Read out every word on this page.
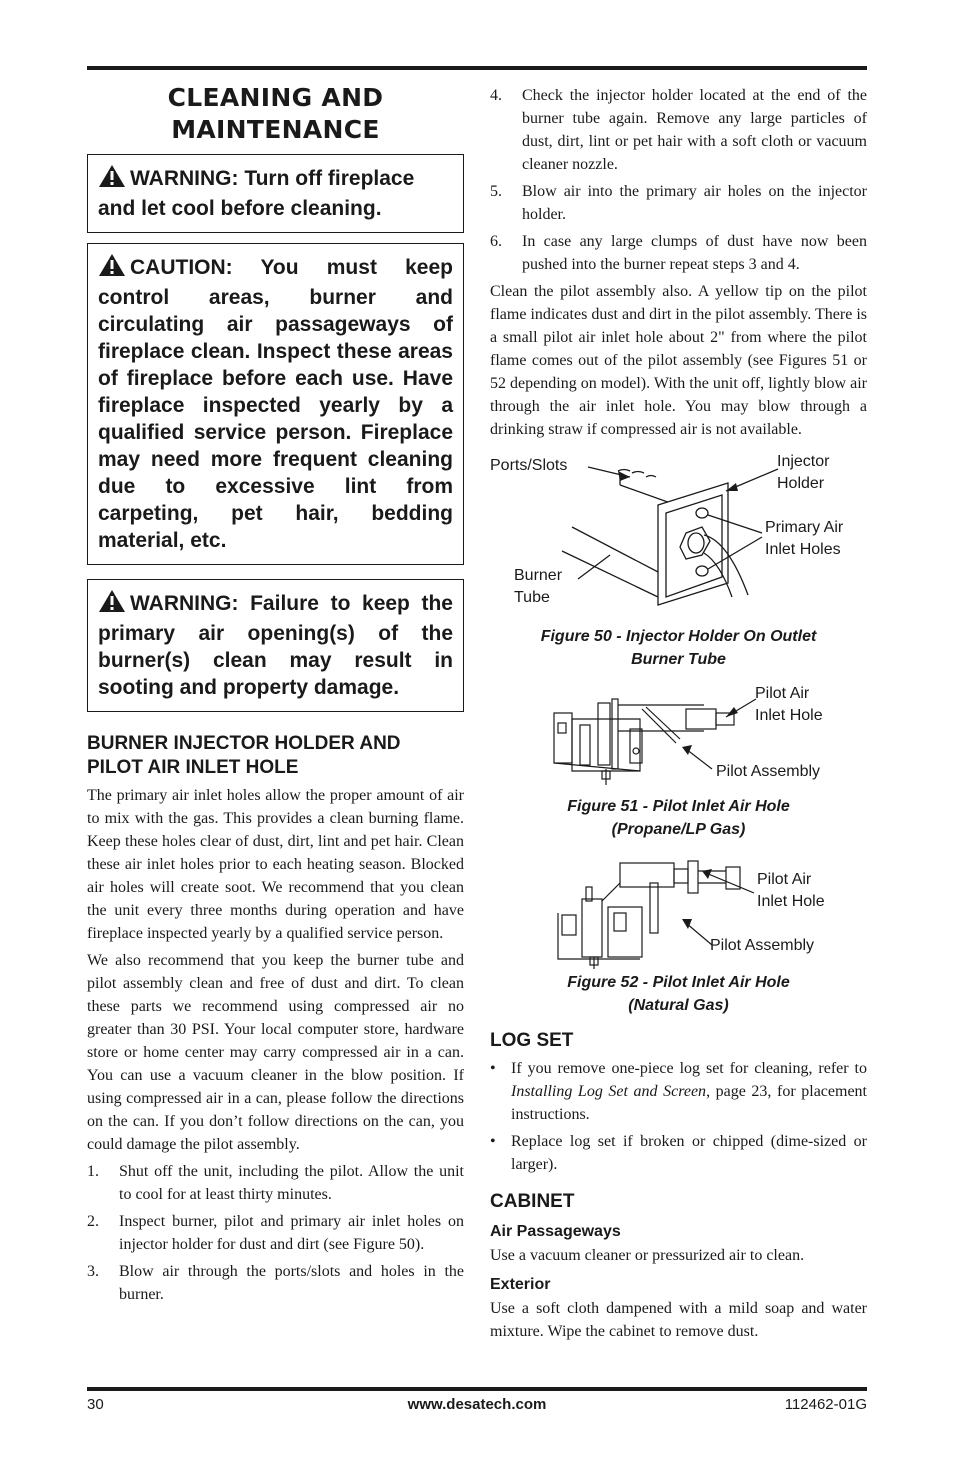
CLEANING AND
MAINTENANCE
WARNING: Turn off fireplace and let cool before cleaning.
CAUTION: You must keep control areas, burner and circulating air passageways of fireplace clean. Inspect these areas of fireplace before each use. Have fireplace inspected yearly by a qualified service person. Fireplace may need more frequent cleaning due to excessive lint from carpeting, pet hair, bedding material, etc.
WARNING: Failure to keep the primary air opening(s) of the burner(s) clean may result in sooting and property damage.
BURNER INJECTOR HOLDER AND
PILOT AIR INLET HOLE

The primary air inlet holes allow the proper amount of air to mix with the gas. This provides a clean burning flame. Keep these holes clear of dust, dirt, lint and pet hair. Clean these air inlet holes prior to each heating season. Blocked air holes will create soot. We recommend that you clean the unit every three months during operation and have fireplace inspected yearly by a qualified service person.

We also recommend that you keep the burner tube and pilot assembly clean and free of dust and dirt. To clean these parts we recommend using compressed air no greater than 30 PSI. Your local computer store, hardware store or home center may carry compressed air in a can. You can use a vacuum cleaner in the blow position. If using compressed air in a can, please follow the directions on the can. If you don’t follow directions on the can, you could damage the pilot assembly.

1. Shut off the unit, including the pilot. Allow the unit to cool for at least thirty minutes.
2. Inspect burner, pilot and primary air inlet holes on injector holder for dust and dirt (see Figure 50).
3. Blow air through the ports/slots and holes in the burner.
4. Check the injector holder located at the end of the burner tube again. Remove any large particles of dust, dirt, lint or pet hair with a soft cloth or vacuum cleaner nozzle.
5. Blow air into the primary air holes on the injector holder.
6. In case any large clumps of dust have now been pushed into the burner repeat steps 3 and 4.

Clean the pilot assembly also. A yellow tip on the pilot flame indicates dust and dirt in the pilot assembly. There is a small pilot air inlet hole about 2" from where the pilot flame comes out of the pilot assembly (see Figures 51 or 52 depending on model). With the unit off, lightly blow air through the air inlet hole. You may blow through a drinking straw if compressed air is not available.

Ports/Slots	Injector
Holder
Primary Air
Inlet Holes
Burner
Tube

Figure 50 - Injector Holder On Outlet
Burner Tube

Pilot Air
Inlet Hole
Pilot Assembly

Figure 51 - Pilot Inlet Air Hole
(Propane/LP Gas)

Pilot Air
Inlet Hole
Pilot Assembly

Figure 52 - Pilot Inlet Air Hole
(Natural Gas)

LOG SET
• If you remove one-piece log set for cleaning, refer to Installing Log Set and Screen, page 23, for placement instructions.
• Replace log set if broken or chipped (dime-sized or larger).
CABINET
Air Passageways

Use a vacuum cleaner or pressurized air to clean.

Exterior

Use a soft cloth dampened with a mild soap and water mixture. Wipe the cabinet to remove dust.

30	www.desatech.com	112462-01G
